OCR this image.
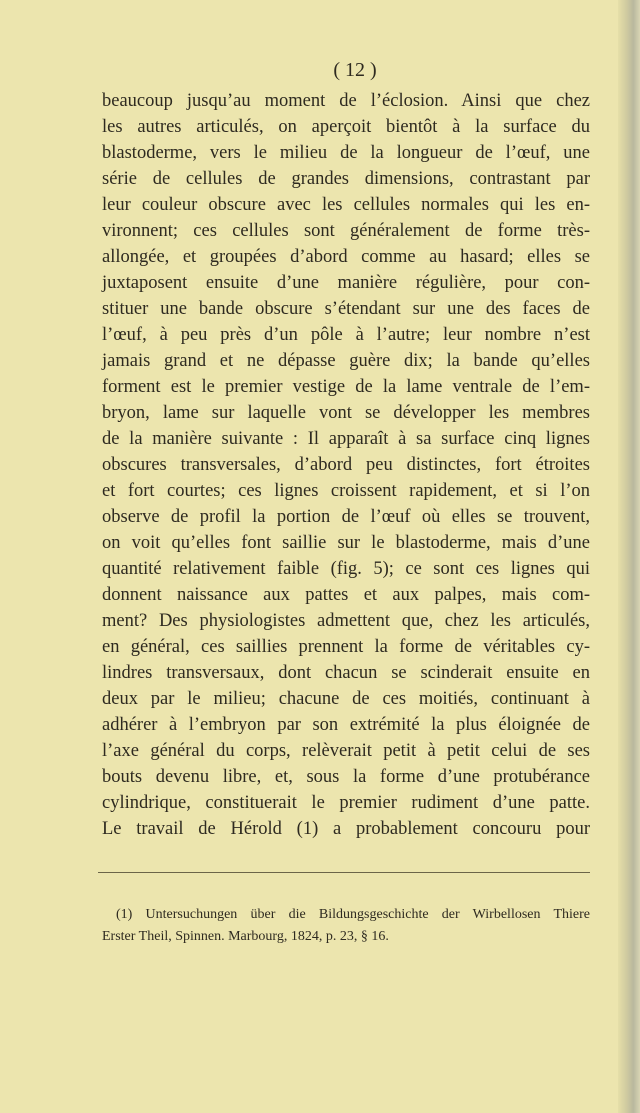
( 12 )
beaucoup jusqu’au moment de l’éclosion. Ainsi que chez
les autres articulés, on aperçoit bientôt à la surface du
blastoderme, vers le milieu de la longueur de l’œuf, une
série de cellules de grandes dimensions, contrastant par
leur couleur obscure avec les cellules normales qui les en-
vironnent; ces cellules sont généralement de forme très-
allongée, et groupées d’abord comme au hasard; elles se
juxtaposent ensuite d’une manière régulière, pour con-
stituer une bande obscure s’étendant sur une des faces de
l’œuf, à peu près d’un pôle à l’autre; leur nombre n’est
jamais grand et ne dépasse guère dix; la bande qu’elles
forment est le premier vestige de la lame ventrale de l’em-
bryon, lame sur laquelle vont se développer les membres
de la manière suivante : Il apparaît à sa surface cinq lignes
obscures transversales, d’abord peu distinctes, fort étroites
et fort courtes; ces lignes croissent rapidement, et si l’on
observe de profil la portion de l’œuf où elles se trouvent,
on voit qu’elles font saillie sur le blastoderme, mais d’une
quantité relativement faible (fig. 5); ce sont ces lignes qui
donnent naissance aux pattes et aux palpes, mais com-
ment? Des physiologistes admettent que, chez les articulés,
en général, ces saillies prennent la forme de véritables cy-
lindres transversaux, dont chacun se scinderait ensuite en
deux par le milieu; chacune de ces moitiés, continuant à
adhérer à l’embryon par son extrémité la plus éloignée de
l’axe général du corps, relèverait petit à petit celui de ses
bouts devenu libre, et, sous la forme d’une protubérance
cylindrique, constituerait le premier rudiment d’une patte.
Le travail de Hérold (1) a probablement concouru pour
(1) Untersuchungen über die Bildungsgeschichte der Wirbellosen Thiere
Erster Theil, Spinnen. Marbourg, 1824, p. 23, § 16.
